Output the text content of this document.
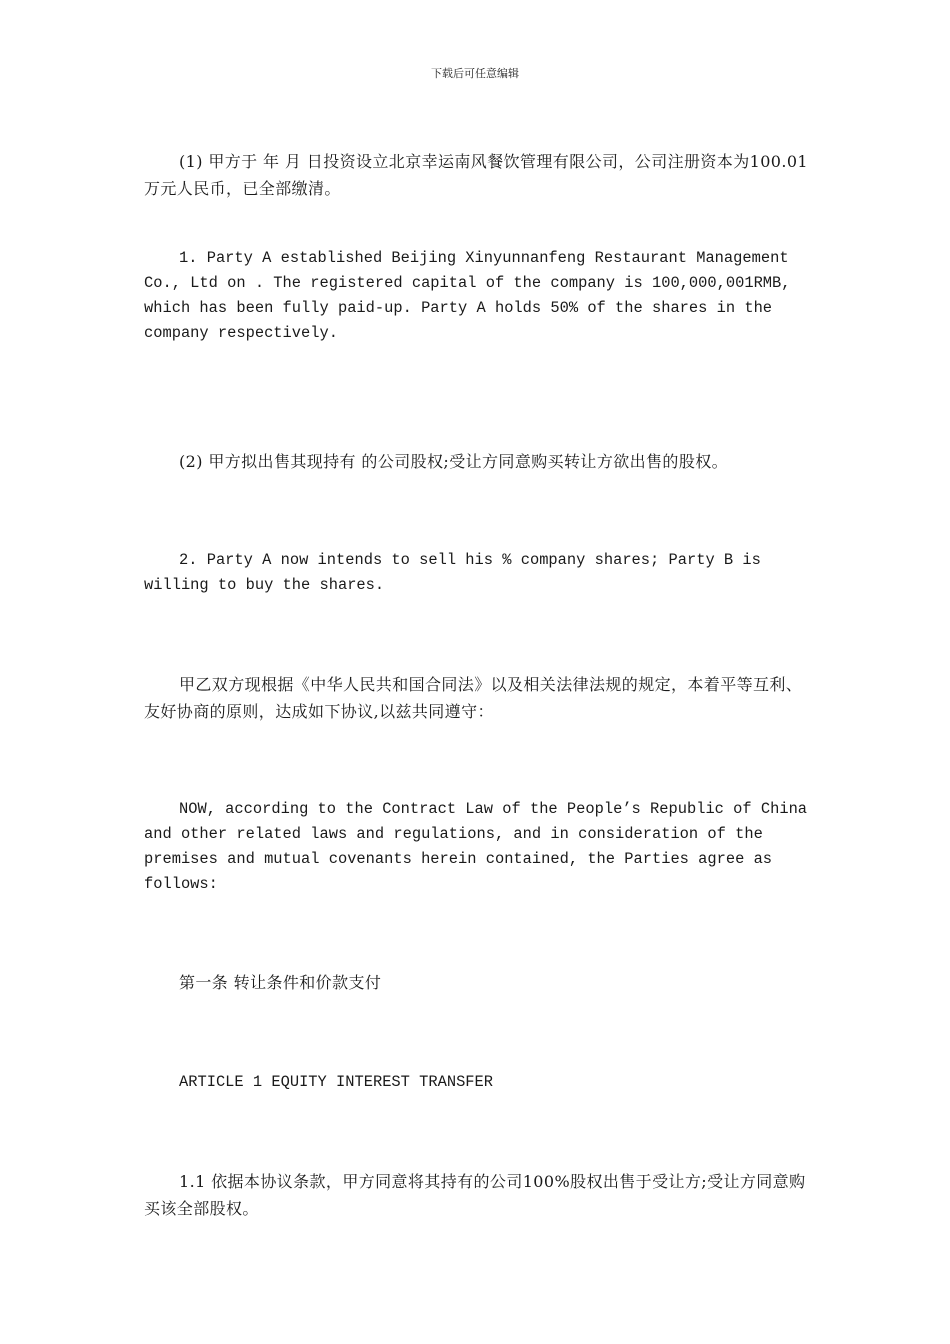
下载后可任意编辑

(1) 甲方于 年 月 日投资设立北京幸运南风餐饮管理有限公司，公司注册资本为100.01万元人民币，已全部缴清。

1. Party A established Beijing Xinyunnanfeng Restaurant Management Co., Ltd on . The registered capital of the company is 100,000,001RMB, which has been fully paid-up. Party A holds 50% of the shares in the company respectively.

(2) 甲方拟出售其现持有 的公司股权;受让方同意购买转让方欲出售的股权。

2. Party A now intends to sell his % company shares; Party B is willing to buy the shares.

甲乙双方现根据《中华人民共和国合同法》以及相关法律法规的规定，本着平等互利、友好协商的原则，达成如下协议,以兹共同遵守：

NOW, according to the Contract Law of the People’s Republic of China and other related laws and regulations, and in consideration of the premises and mutual covenants herein contained, the Parties agree as follows:

第一条 转让条件和价款支付

ARTICLE 1 EQUITY INTEREST TRANSFER

1.1 依据本协议条款，甲方同意将其持有的公司100%股权出售于受让方;受让方同意购买该全部股权。
